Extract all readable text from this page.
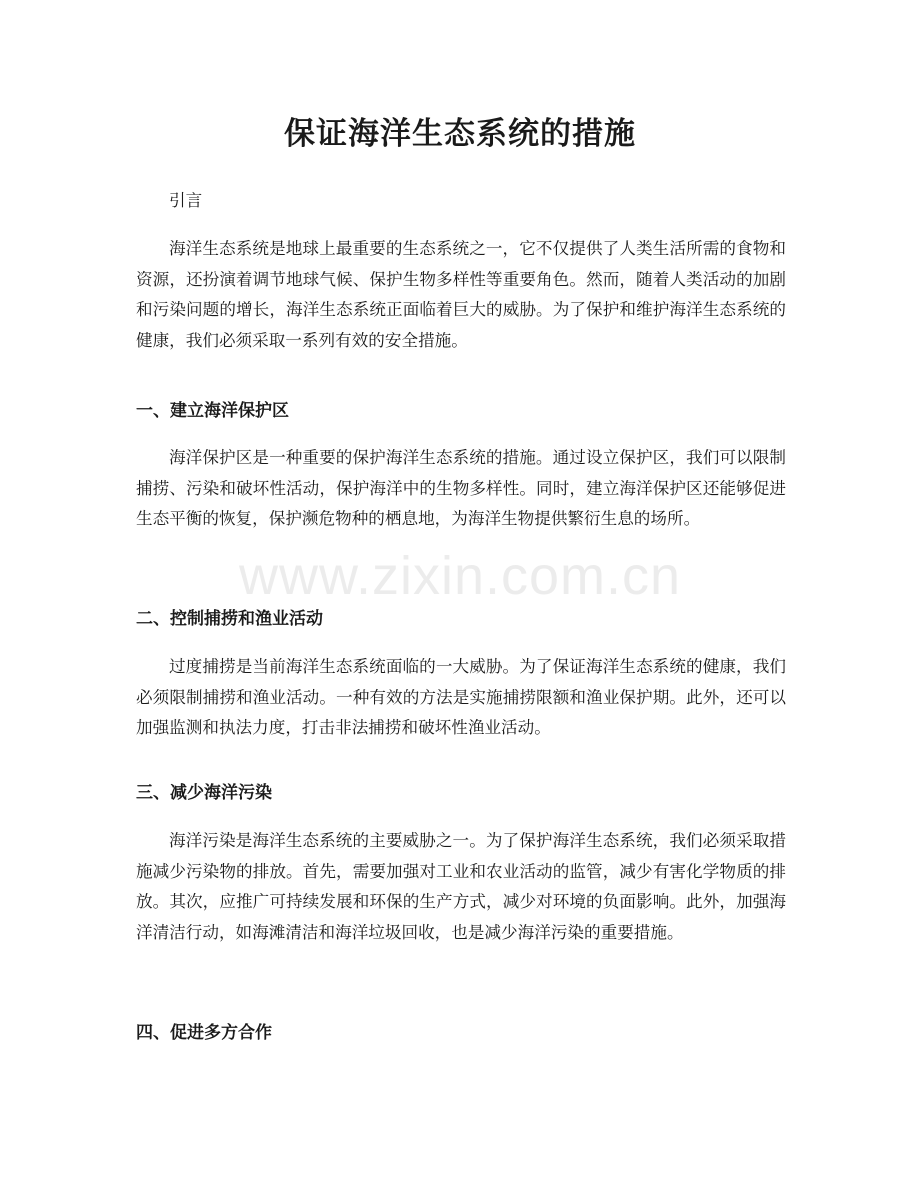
保证海洋生态系统的措施

引言

海洋生态系统是地球上最重要的生态系统之一，它不仅提供了人类生活所需的食物和资源，还扮演着调节地球气候、保护生物多样性等重要角色。然而，随着人类活动的加剧和污染问题的增长，海洋生态系统正面临着巨大的威胁。为了保护和维护海洋生态系统的健康，我们必须采取一系列有效的安全措施。

一、建立海洋保护区

海洋保护区是一种重要的保护海洋生态系统的措施。通过设立保护区，我们可以限制捕捞、污染和破坏性活动，保护海洋中的生物多样性。同时，建立海洋保护区还能够促进生态平衡的恢复，保护濒危物种的栖息地，为海洋生物提供繁衍生息的场所。

二、控制捕捞和渔业活动

过度捕捞是当前海洋生态系统面临的一大威胁。为了保证海洋生态系统的健康，我们必须限制捕捞和渔业活动。一种有效的方法是实施捕捞限额和渔业保护期。此外，还可以加强监测和执法力度，打击非法捕捞和破坏性渔业活动。

三、减少海洋污染

海洋污染是海洋生态系统的主要威胁之一。为了保护海洋生态系统，我们必须采取措施减少污染物的排放。首先，需要加强对工业和农业活动的监管，减少有害化学物质的排放。其次，应推广可持续发展和环保的生产方式，减少对环境的负面影响。此外，加强海洋清洁行动，如海滩清洁和海洋垃圾回收，也是减少海洋污染的重要措施。

四、促进多方合作
www.zixin.com.cn
